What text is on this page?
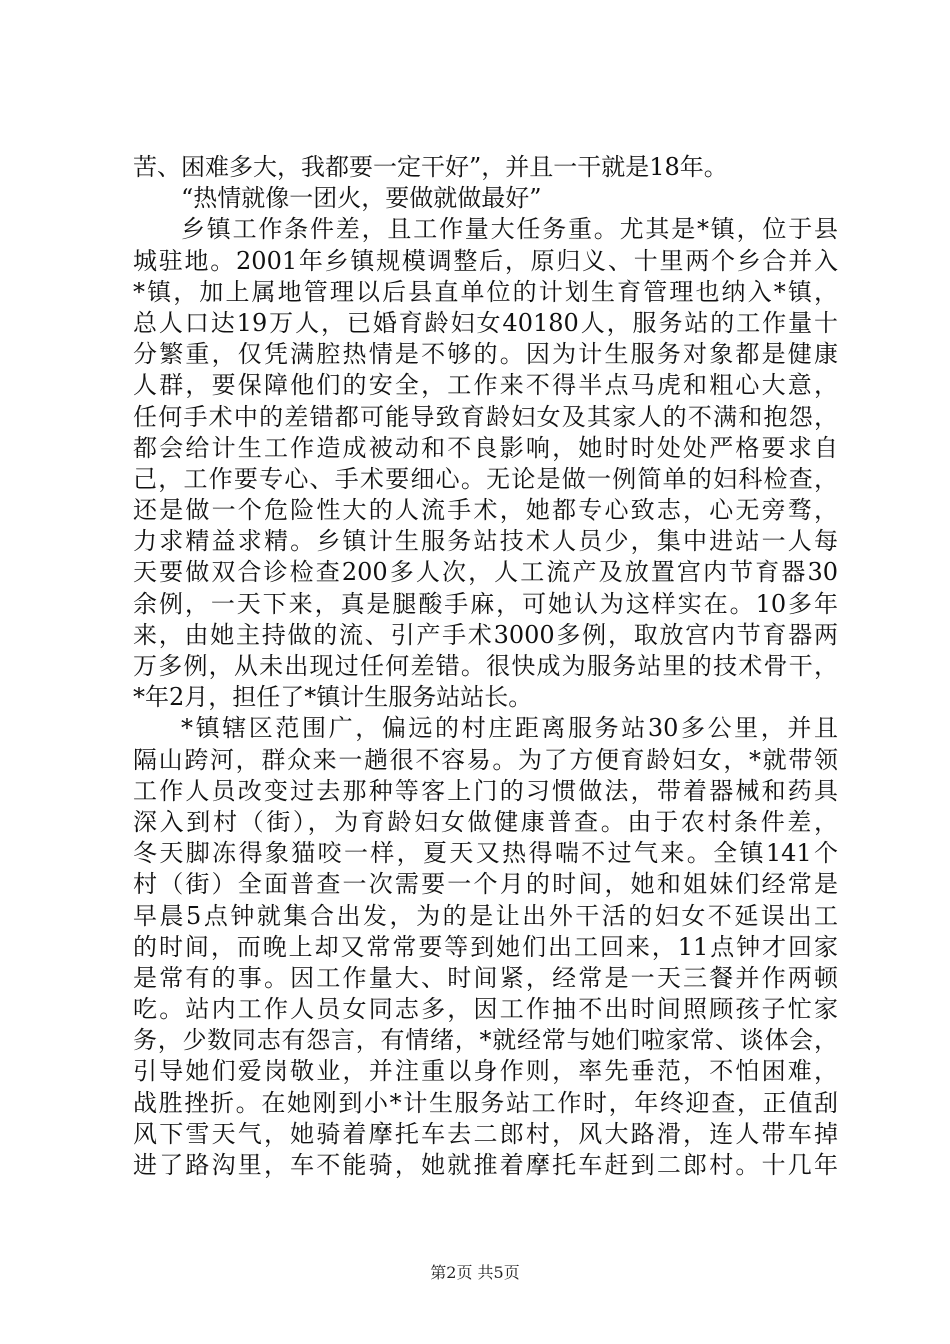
苦、困难多大，我都要一定干好”，并且一干就是18年。
“热情就像一团火，要做就做最好”
乡镇工作条件差，且工作量大任务重。尤其是*镇，位于县
城驻地。2001年乡镇规模调整后，原归义、十里两个乡合并入
*镇，加上属地管理以后县直单位的计划生育管理也纳入*镇，
总人口达19万人，已婚育龄妇女40180人，服务站的工作量十
分繁重，仅凭满腔热情是不够的。因为计生服务对象都是健康
人群，要保障他们的安全，工作来不得半点马虎和粗心大意，
任何手术中的差错都可能导致育龄妇女及其家人的不满和抱怨，
都会给计生工作造成被动和不良影响，她时时处处严格要求自
己，工作要专心、手术要细心。无论是做一例简单的妇科检查，
还是做一个危险性大的人流手术，她都专心致志，心无旁骛，
力求精益求精。乡镇计生服务站技术人员少，集中进站一人每
天要做双合诊检查200多人次，人工流产及放置宫内节育器30
余例，一天下来，真是腿酸手麻，可她认为这样实在。10多年
来，由她主持做的流、引产手术3000多例，取放宫内节育器两
万多例，从未出现过任何差错。很快成为服务站里的技术骨干，
*年2月，担任了*镇计生服务站站长。
*镇辖区范围广，偏远的村庄距离服务站30多公里，并且
隔山跨河，群众来一趟很不容易。为了方便育龄妇女，*就带领
工作人员改变过去那种等客上门的习惯做法，带着器械和药具
深入到村（街），为育龄妇女做健康普查。由于农村条件差，
冬天脚冻得象猫咬一样，夏天又热得喘不过气来。全镇141个
村（街）全面普查一次需要一个月的时间，她和姐妹们经常是
早晨5点钟就集合出发，为的是让出外干活的妇女不延误出工
的时间，而晚上却又常常要等到她们出工回来，11点钟才回家
是常有的事。因工作量大、时间紧，经常是一天三餐并作两顿
吃。站内工作人员女同志多，因工作抽不出时间照顾孩子忙家
务，少数同志有怨言，有情绪，*就经常与她们啦家常、谈体会，
引导她们爱岗敬业，并注重以身作则，率先垂范，不怕困难，
战胜挫折。在她刚到小*计生服务站工作时，年终迎查，正值刮
风下雪天气，她骑着摩托车去二郎村，风大路滑，连人带车掉
进了路沟里，车不能骑，她就推着摩托车赶到二郎村。十几年
第2页 共5页
